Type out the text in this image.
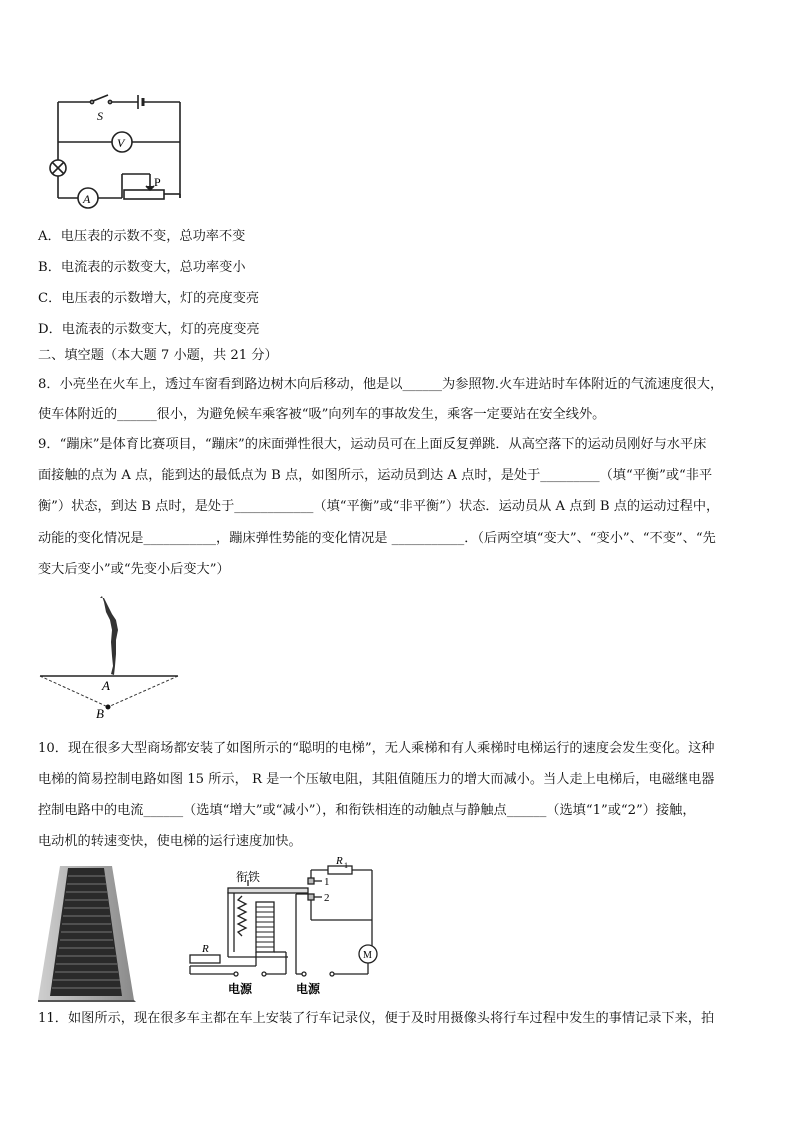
S
V
A
P
A．电压表的示数不变，总功率不变
B．电流表的示数变大，总功率变小
C．电压表的示数增大，灯的亮度变亮
D．电流表的示数变大，灯的亮度变亮
二、填空题（本大题 7 小题，共 21 分）
8．小亮坐在火车上，透过车窗看到路边树木向后移动，他是以______为参照物.火车进站时车体附近的气流速度很大，
使车体附近的______很小，为避免候车乘客被“吸”向列车的事故发生，乘客一定要站在安全线外。
9．“蹦床”是体育比赛项目，“蹦床”的床面弹性很大，运动员可在上面反复弹跳．从高空落下的运动员刚好与水平床
面接触的点为 A 点，能到达的最低点为 B 点，如图所示，运动员到达 A 点时，是处于_________（填“平衡”或“非平
衡”）状态，到达 B 点时，是处于____________（填“平衡”或“非平衡”）状态．运动员从 A 点到 B 点的运动过程中，
动能的变化情况是___________，蹦床弹性势能的变化情况是 ___________．（后两空填“变大”、“变小”、“不变”、“先
变大后变小”或“先变小后变大”）
A
B
10．现在很多大型商场都安装了如图所示的“聪明的电梯”，无人乘梯和有人乘梯时电梯运行的速度会发生变化。这种
电梯的简易控制电路如图 15 所示， R 是一个压敏电阻，其阻值随压力的增大而减小。当人走上电梯后，电磁继电器
控制电路中的电流______（选填“增大”或“减小”），和衔铁相连的动触点与静触点______（选填“1”或“2”）接触，
电动机的转速变快，使电梯的运行速度加快。
衔铁
R 1
1
2
R
M
电源	电源
11．如图所示，现在很多车主都在车上安装了行车记录仪，便于及时用摄像头将行车过程中发生的事情记录下来，拍
